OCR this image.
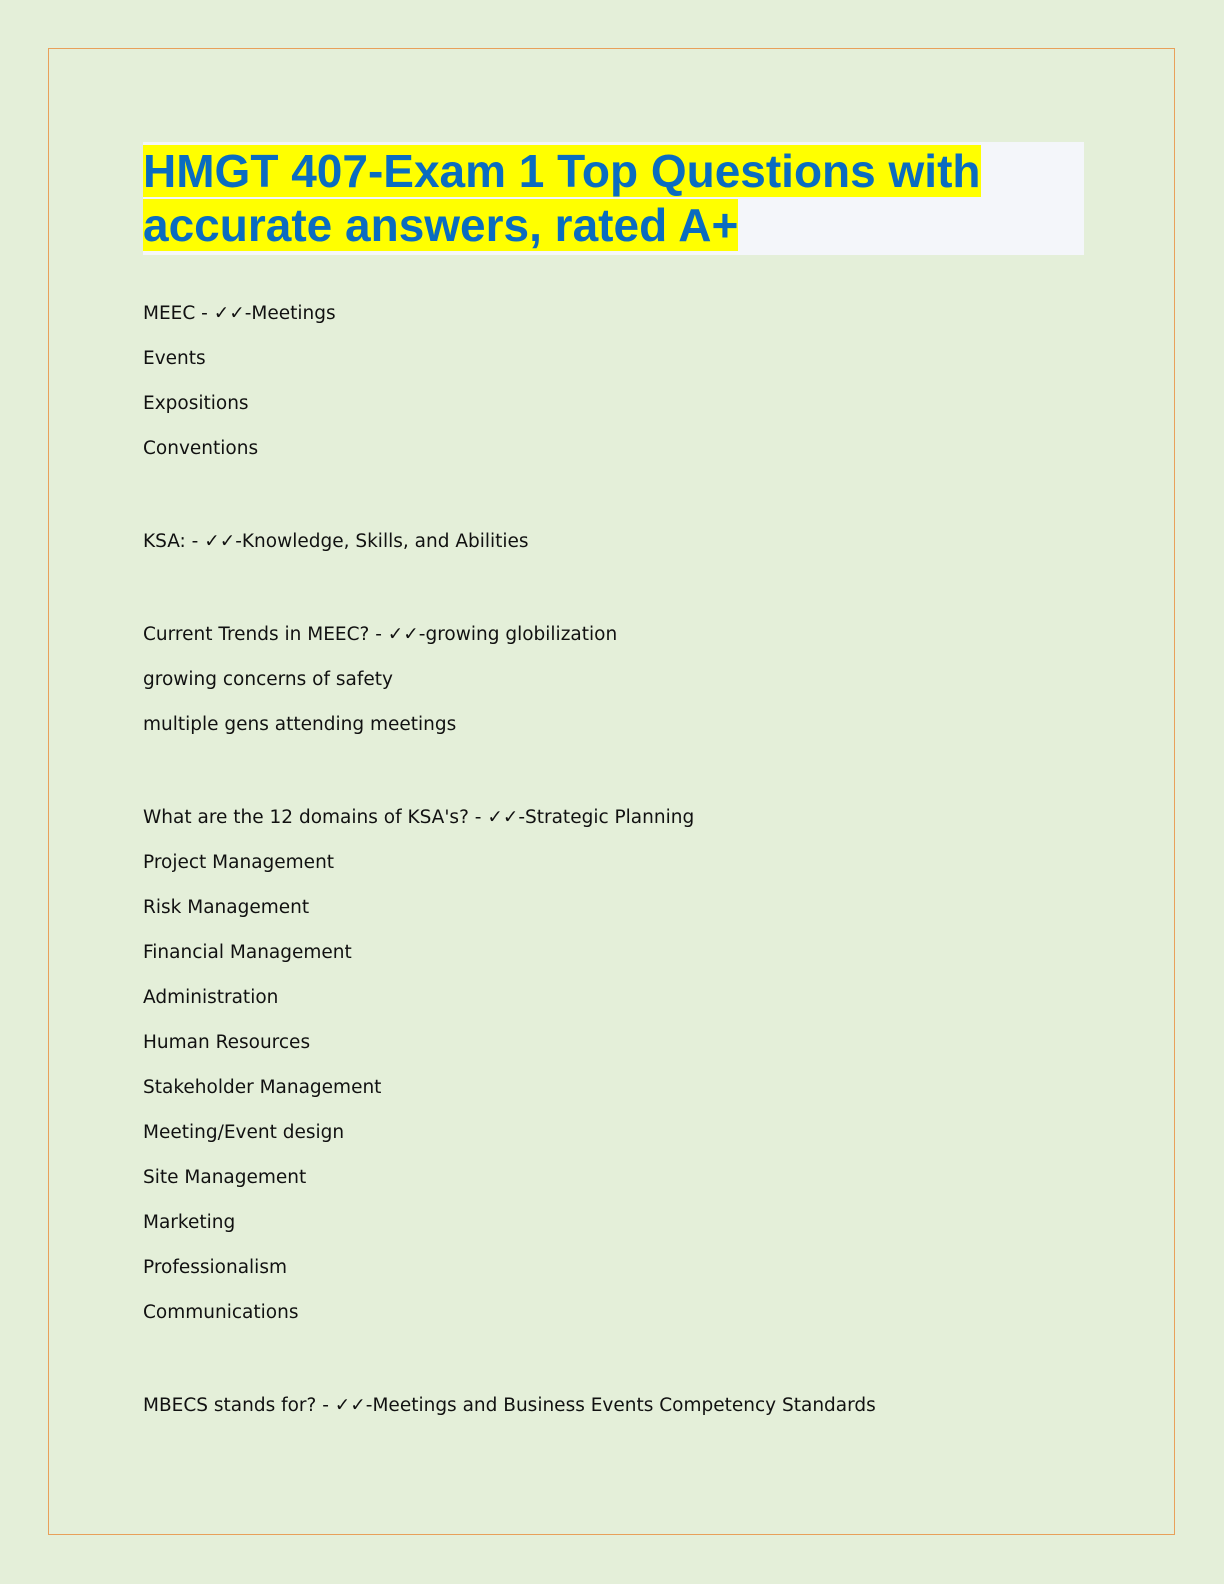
HMGT 407-Exam 1 Top Questions with
accurate answers, rated A+
MEEC - ✓✓-Meetings
Events
Expositions
Conventions
KSA: - ✓✓-Knowledge, Skills, and Abilities
Current Trends in MEEC? - ✓✓-growing globilization
growing concerns of safety
multiple gens attending meetings
What are the 12 domains of KSA's? - ✓✓-Strategic Planning
Project Management
Risk Management
Financial Management
Administration
Human Resources
Stakeholder Management
Meeting/Event design
Site Management
Marketing
Professionalism
Communications
MBECS stands for? - ✓✓-Meetings and Business Events Competency Standards
